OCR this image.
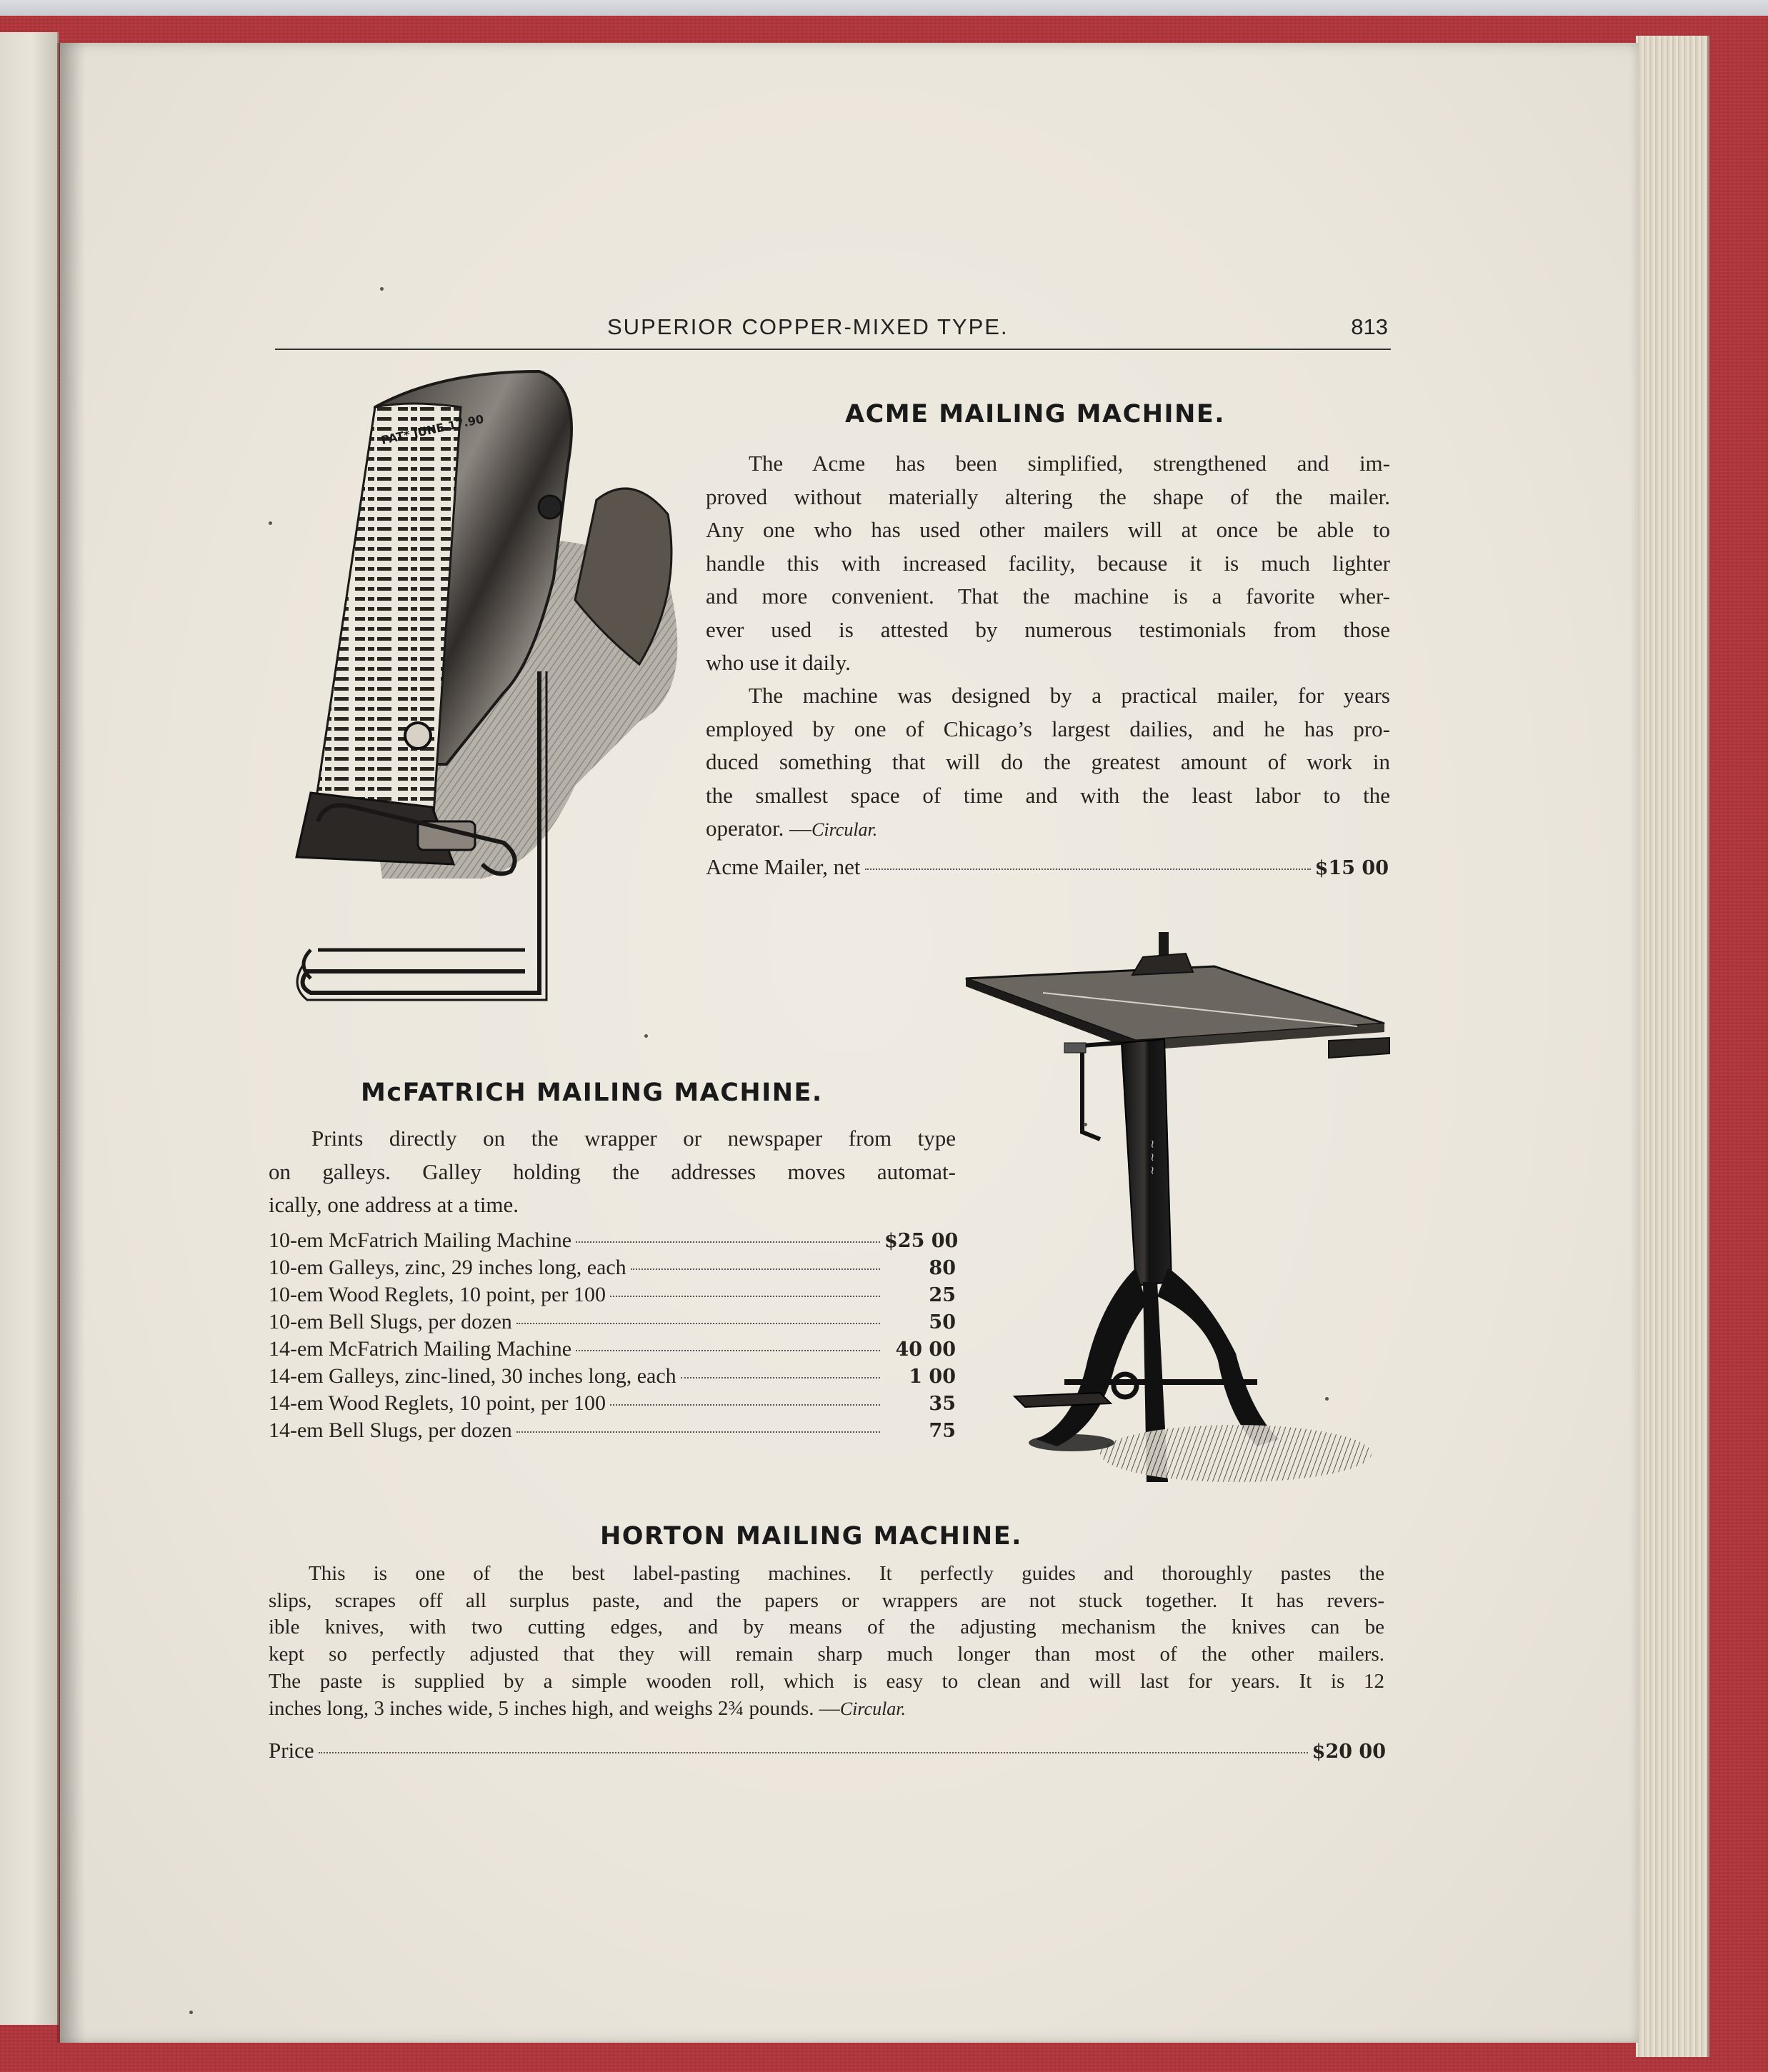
SUPERIOR COPPER-MIXED TYPE.	813
PAT* JUNE.17.90	ACME MAILING MACHINE.
The Acme has been simplified, strengthened and im-
proved without materially altering the shape of the mailer.
Any one who has used other mailers will at once be able to
handle this with increased facility, because it is much lighter
and more convenient. That the machine is a favorite wher-
ever used is attested by numerous testimonials from those
who use it daily.
The machine was designed by a practical mailer, for years
employed by one of Chicago’s largest dailies, and he has pro-
duced something that will do the greatest amount of work in
the smallest space of time and with the least labor to the
operator. —Circular.
Acme Mailer, net	$15 00
~ ~ ~
McFATRICH MAILING MACHINE.
Prints directly on the wrapper or newspaper from type
on galleys. Galley holding the addresses moves automat-
ically, one address at a time.
10-em McFatrich Mailing Machine	$25 00
10-em Galleys, zinc, 29 inches long, each	80
10-em Wood Reglets, 10 point, per 100	25
10-em Bell Slugs, per dozen	50
14-em McFatrich Mailing Machine	40 00
14-em Galleys, zinc-lined, 30 inches long, each	1 00
14-em Wood Reglets, 10 point, per 100	35
14-em Bell Slugs, per dozen	75
HORTON MAILING MACHINE.
This is one of the best label-pasting machines. It perfectly guides and thoroughly pastes the
slips, scrapes off all surplus paste, and the papers or wrappers are not stuck together. It has revers-
ible knives, with two cutting edges, and by means of the adjusting mechanism the knives can be
kept so perfectly adjusted that they will remain sharp much longer than most of the other mailers.
The paste is supplied by a simple wooden roll, which is easy to clean and will last for years. It is 12
inches long, 3 inches wide, 5 inches high, and weighs 2¾ pounds. —Circular.
Price	$20 00
